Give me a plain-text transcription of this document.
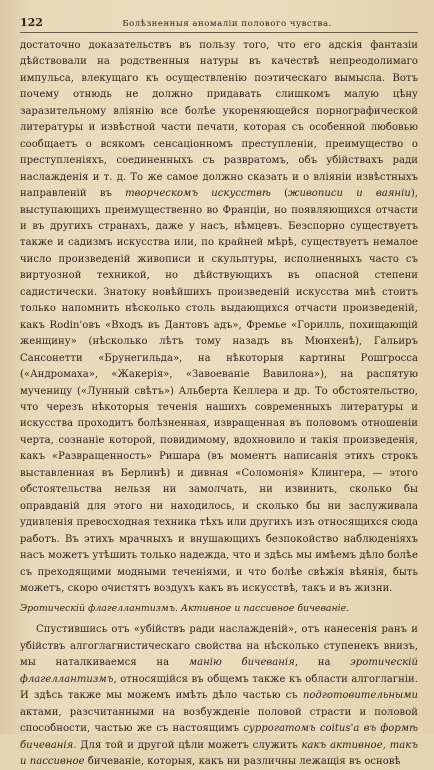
122	Болѣзненныя аномаліи полового чувства.

достаточно доказательствъ въ пользу того, что его адскія фантазіи дѣйствовали на родственныя натуры въ качествѣ непреодолимаго импульса, влекущаго къ осуществленію поэтическаго вымысла. Вотъ почему отнюдь не должно придавать слишкомъ малую цѣну заразительному вліянію все болѣе укореняющейся порнографической литературы и извѣстной части печати, которая съ особенной любовью сообщаетъ о всякомъ сенсаціонномъ преступленіи, преимущество о преступленіяхъ, соединенныхъ съ развратомъ, объ убійствахъ ради наслажденія и т. д. То же самое должно сказать и о вліяніи извѣстныхъ направленій въ творческомъ искусствѣ (живописи и ваяніи), выступающихъ преимущественно во Франціи, но появляющихся отчасти и въ другихъ странахъ, даже у насъ, нѣмцевъ. Безспорно существуетъ также и садизмъ искусства или, по крайней мѣрѣ, существуетъ немалое число произведеній живописи и скульптуры, исполненныхъ часто съ виртуозной техникой, но дѣйствующихъ въ опасной степени садистически. Знатоку новѣйшихъ произведеній искусства мнѣ стоитъ только напомнить нѣсколько столь выдающихся отчасти произведеній, какъ Rodin'овъ «Входъ въ Дантовъ адъ», Фремье «Горилль, похищающій женщину» (нѣсколько лѣтъ тому назадъ въ Мюнхенѣ), Гальиръ Сансонетти «Брунегильда», на нѣкоторыя картины Рошгросса («Андромаха», «Жакерія», «Завоеваніе Вавилона»), на распятую мученицу («Лунный свѣтъ») Альберта Келлера и др. То обстоятельство, что черезъ нѣкоторыя теченія нашихъ современныхъ литературы и искусства проходитъ болѣзненная, извращенная въ половомъ отношеніи черта, сознаніе которой, повидимому, вдохновило и такія произведенія, какъ «Развращенность» Ришара (въ моментъ написанія этихъ строкъ выставленная въ Берлинѣ) и дивная «Соломонія» Клингера, — этого обстоятельства нельзя ни замолчать, ни извинить, сколько бы оправданій для этого ни находилось, и сколько бы ни заслуживала удивленія превосходная техника тѣхъ или другихъ изъ относящихся сюда работъ. Въ этихъ мрачныхъ и внушающихъ безпокойство наблюденіяхъ насъ можетъ утѣшить только надежда, что и здѣсь мы имѣемъ дѣло болѣе съ преходящими модными теченіями, и что болѣе свѣжія вѣянія, быть можетъ, скоро очистятъ воздухъ какъ въ искусствѣ, такъ и въ жизни.

Эротическій флагеллантизмъ. Активное и пассивное бичеваніе.

Спустившись отъ «убійствъ ради наслажденій», отъ нанесенія ранъ и убійствъ алгоглагнистическаго свойства на нѣсколько ступенекъ внизъ, мы наталкиваемся на манію бичеванія, на эротическій флагеллантизмъ, относящійся въ общемъ также къ области алгоглагніи. И здѣсь также мы можемъ имѣть дѣло частью съ подготовительными актами, разсчитанными на возбужденіе половой страсти и половой способности, частью же съ настоящимъ суррогатомъ coitus'а въ формѣ бичеванія. Для той и другой цѣли можетъ служить какъ активное, такъ и пассивное бичеваніе, которыя, какъ ни различны лежащія въ основѣ
